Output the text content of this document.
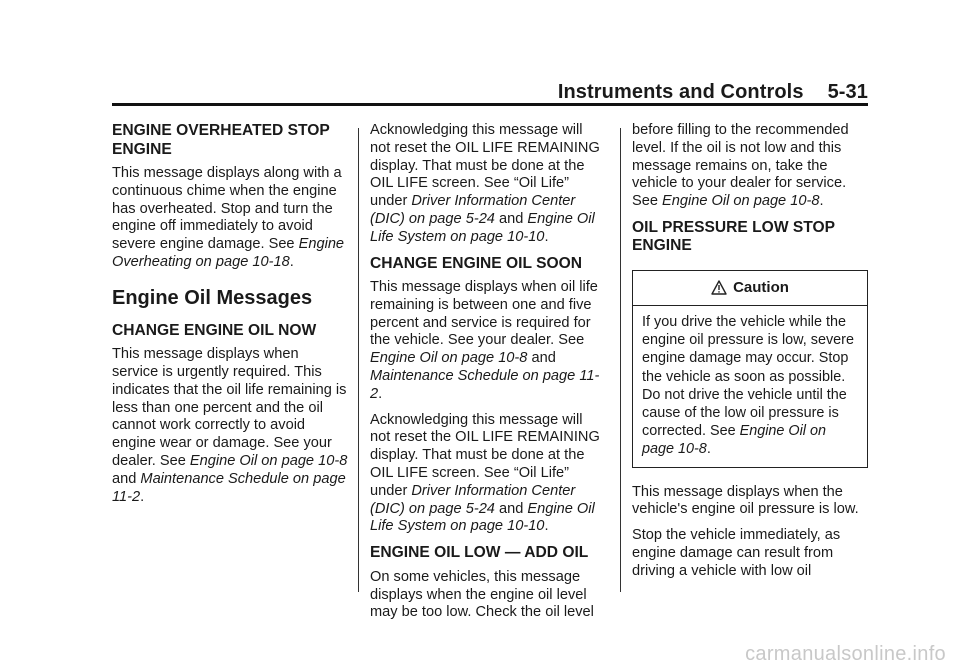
Instruments and Controls 5-31
ENGINE OVERHEATED STOP ENGINE

This message displays along with a continuous chime when the engine has overheated. Stop and turn the engine off immediately to avoid severe engine damage. See Engine Overheating on page 10-18.

Engine Oil Messages
CHANGE ENGINE OIL NOW

This message displays when service is urgently required. This indicates that the oil life remaining is less than one percent and the oil cannot work correctly to avoid engine wear or damage. See your dealer. See Engine Oil on page 10-8 and Maintenance Schedule on page 11-2.

Acknowledging this message will not reset the OIL LIFE REMAINING display. That must be done at the OIL LIFE screen. See “Oil Life” under Driver Information Center (DIC) on page 5-24 and Engine Oil Life System on page 10-10.

CHANGE ENGINE OIL SOON

This message displays when oil life remaining is between one and five percent and service is required for the vehicle. See your dealer. See Engine Oil on page 10-8 and Maintenance Schedule on page 11-2.

Acknowledging this message will not reset the OIL LIFE REMAINING display. That must be done at the OIL LIFE screen. See “Oil Life” under Driver Information Center (DIC) on page 5-24 and Engine Oil Life System on page 10-10.

ENGINE OIL LOW — ADD OIL

On some vehicles, this message displays when the engine oil level may be too low. Check the oil level

before filling to the recommended level. If the oil is not low and this message remains on, take the vehicle to your dealer for service. See Engine Oil on page 10-8.

OIL PRESSURE LOW STOP ENGINE
Caution
If you drive the vehicle while the engine oil pressure is low, severe engine damage may occur. Stop the vehicle as soon as possible. Do not drive the vehicle until the cause of the low oil pressure is corrected. See Engine Oil on page 10-8.

This message displays when the vehicle's engine oil pressure is low.

Stop the vehicle immediately, as engine damage can result from driving a vehicle with low oil

carmanualsonline.info
